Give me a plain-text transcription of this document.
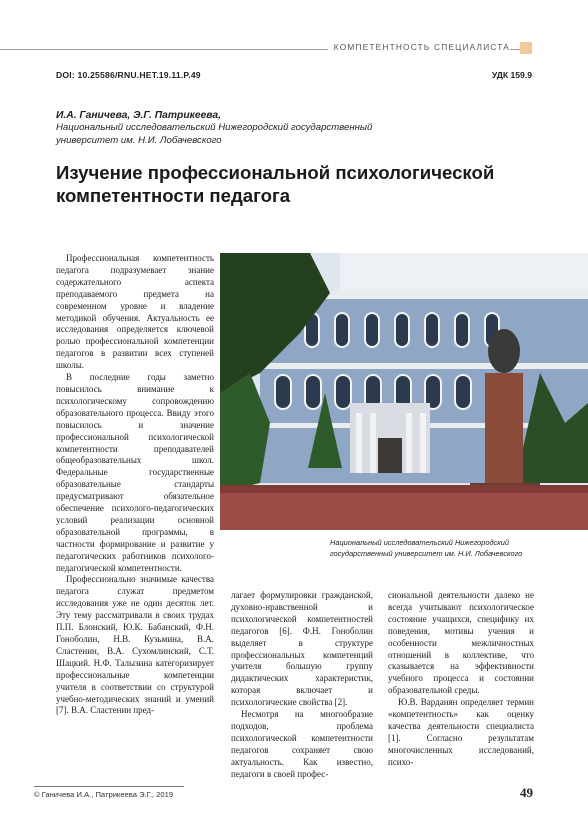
КОМПЕТЕНТНОСТЬ СПЕЦИАЛИСТА
DOI: 10.25586/RNU.HET.19.11.P.49	УДК 159.9
И.А. Ганичева, Э.Г. Патрикеева,
Национальный исследовательский Нижегородский государственный университет им. Н.И. Лобачевского
Изучение профессиональной психологической компетентности педагога

Профессиональная компетентность педагога подразумевает знание содержательного аспекта преподаваемого предмета на современном уровне и владение методикой обучения. Актуальность ее исследования определяется ключевой ролью профессиональной компетенции педагогов в развитии всех ступеней школы.

В последние годы заметно повысилось внимание к психологическому сопровождению образовательного процесса. Ввиду этого повысилось и значение профессиональной психологической компетентности преподавателей общеобразовательных школ. Федеральные государственные образовательные стандарты предусматривают обязательное обеспечение психолого-педагогических условий реализации основной образовательной программы, в частности формирование и развитие у педагогических работников психолого-педагогической компетентности.

Профессионально значимые качества педагога служат предметом исследования уже не один десяток лет. Эту тему рассматривали в своих трудах П.П. Блонский, Ю.К. Бабанский, Ф.Н. Гоноболин, Н.В. Кузьмина, В.А. Сластенин, В.А. Сухомлинский, С.Т. Шацкий. Н.Ф. Талызина категоризирует профессиональные компетенции учителя в соответствии со структурой учебно-методических знаний и умений [7]. В.А. Сластенин пред-

Национальный исследовательский Нижегородский государственный университет им. Н.И. Лобачевского

лагает формулировки гражданской, духовно-нравственной и психологической компетентностей педагогов [6]. Ф.Н. Гоноболин выделяет в структуре профессиональных компетенций учителя большую группу дидактических характеристик, которая включает и психологические свойства [2].

Несмотря на многообразие подходов, проблема психологической компетентности педагогов сохраняет свою актуальность. Как известно, педагоги в своей профес-

сиональной деятельности далеко не всегда учитывают психологическое состояние учащихся, специфику их поведения, мотивы учения и особенности межличностных отношений в коллективе, что сказывается на эффективности учебного процесса и состоянии образовательной среды.

Ю.В. Варданян определяет термин «компетентность» как оценку качества деятельности специалиста [1]. Согласно результатам многочисленных исследований, психо-

© Ганичева И.А., Патрикеева Э.Г., 2019	49
